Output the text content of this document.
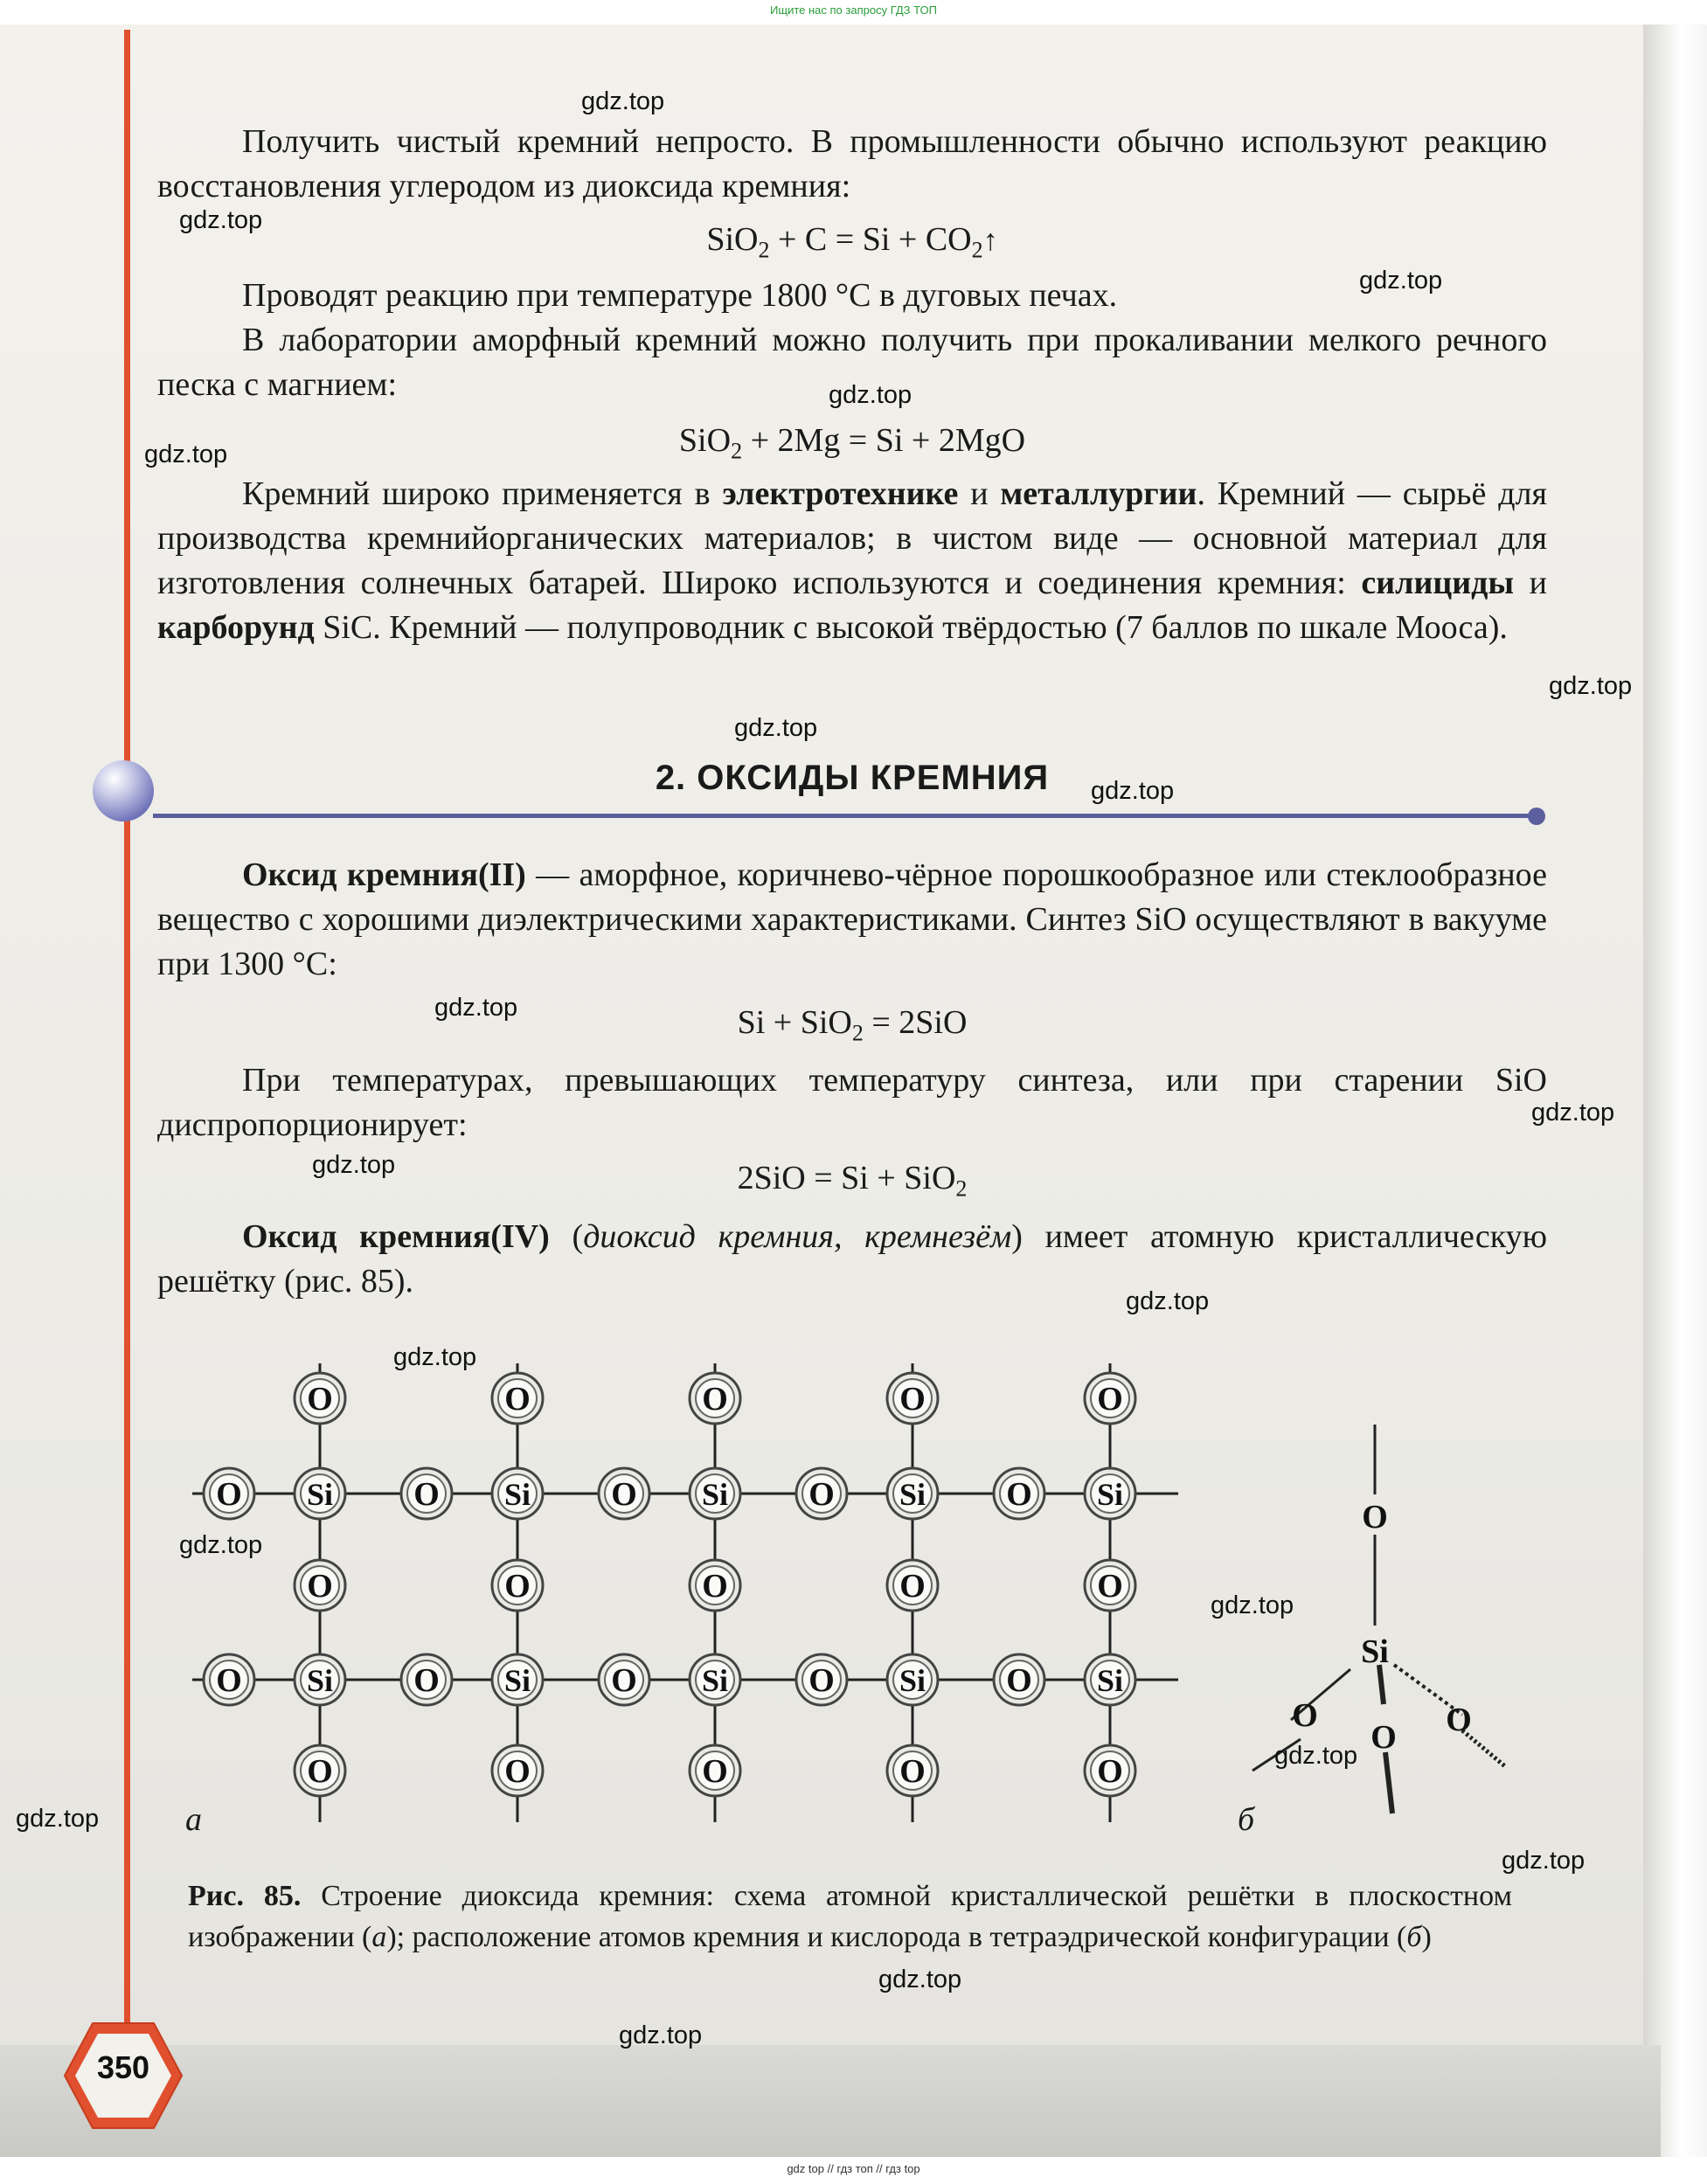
Ищите нас по запросу ГДЗ ТОП
Получить чистый кремний непросто. В промышленности обычно используют реакцию восстановления углеродом из диоксида кремния:
$SiO_2 + C = Si + CO_2↑$
Проводят реакцию при температуре 1800 °С в дуговых печах.
В лаборатории аморфный кремний можно получить при прокаливании мелкого речного песка с магнием:
SiO$_2$ + 2Mg = Si + 2MgO
Кремний широко применяется в электротехнике и металлургии. Кремний — сырьё для производства кремнийорганических материалов; в чистом виде — основной материал для изготовления солнечных батарей. Широко используются и соединения кремния: силициды и карборунд SiC. Кремний — полупроводник с высокой твёрдостью (7 баллов по шкале Мооса).
2. ОКСИДЫ КРЕМНИЯ
Оксид кремния(II) — аморфное, коричнево-чёрное порошкообразное или стеклообразное вещество с хорошими диэлектрическими характеристиками. Синтез SiO осуществляют в вакууме при 1300 °С:
Si + SiO$_2$ = 2SiO
При температурах, превышающих температуру синтеза, или при старении SiO диспропорционирует:
2SiO = Si + SiO$_2$
Оксид кремния(IV) (диоксид кремния, кремнезём) имеет атомную кристаллическую решётку (рис. 85).
O
O
O
Si
Si
O
O
O
Si
Si
O
O
O
Si
Si
O
O
O
Si
Si
O
O
O
Si
Si
O
O
O
O
O
O
O
O
O
O
O
Si
O	O
O
а	б
Рис. 85. Строение диоксида кремния: схема атомной кристаллической решётки в плоскостном изображении (а); расположение атомов кремния и кислорода в тетраэдрической конфигурации (б)
350
gdz.top
gdz.top
gdz.top
gdz.top
gdz.top
gdz.top
gdz.top
gdz.top
gdz.top
gdz.top
gdz.top
gdz.top
gdz.top
gdz.top
gdz.top
gdz.top
gdz.top
gdz.top
gdz.top
gdz.top
gdz top // гдз топ // гдз top
